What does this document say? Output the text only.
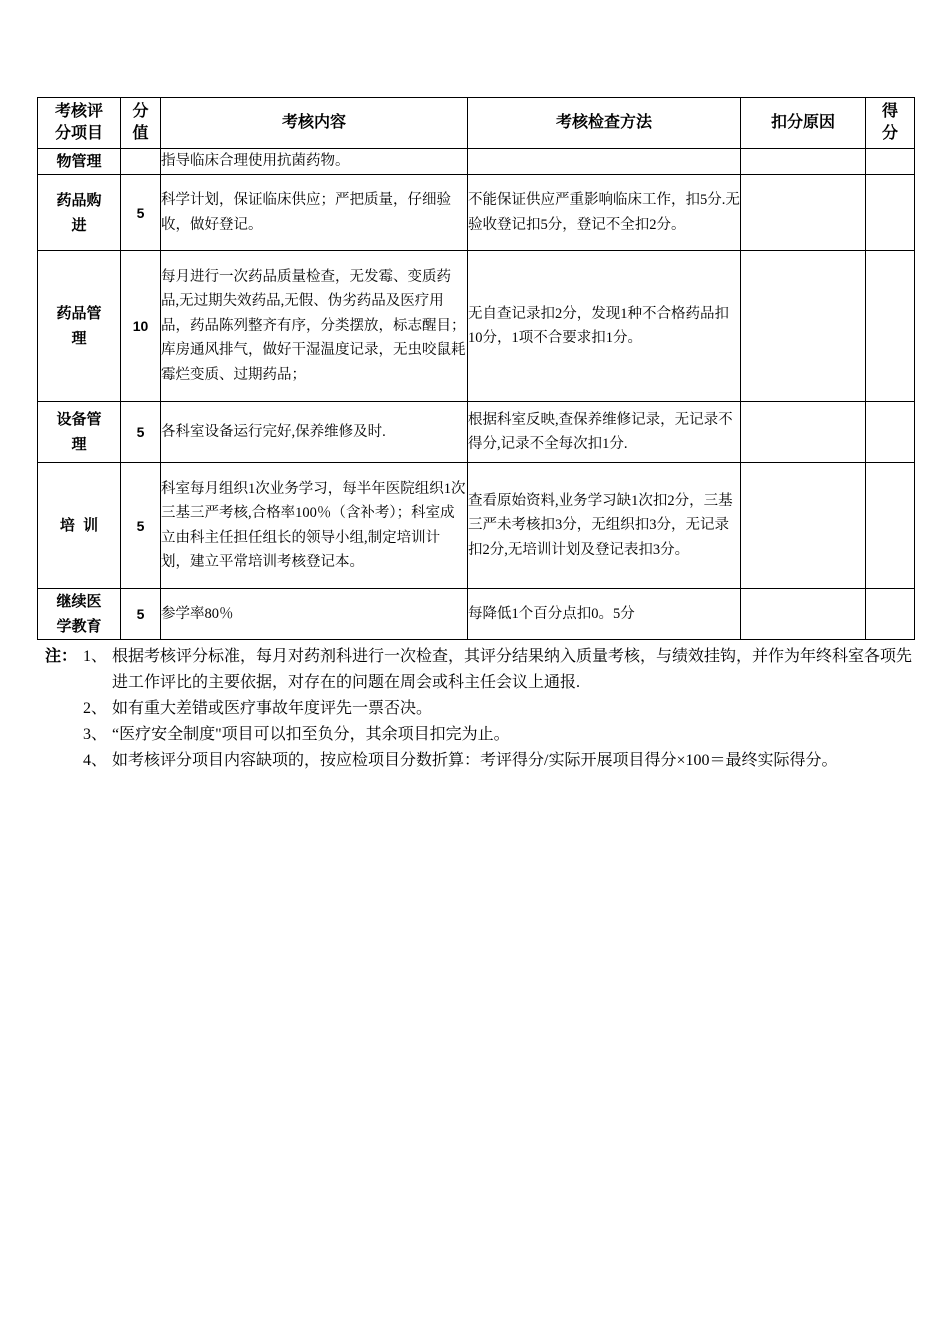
考核评分项目	分值	考核内容	考核检查方法	扣分原因	得分

物管理		指导临床合理使用抗菌药物。			

药品购进	5	科学计划，保证临床供应；严把质量，仔细验收，做好登记。	不能保证供应严重影响临床工作，扣5分.无验收登记扣5分，登记不全扣2分。		

药品管理	10	每月进行一次药品质量检查，无发霉、变质药品,无过期失效药品,无假、伪劣药品及医疗用品，药品陈列整齐有序，分类摆放，标志醒目；库房通风排气，做好干湿温度记录，无虫咬鼠耗霉烂变质、过期药品；	无自查记录扣2分，发现1种不合格药品扣10分，1项不合要求扣1分。		

设备管理	5	各科室设备运行完好,保养维修及时.	根据科室反映,查保养维修记录，无记录不得分,记录不全每次扣1分.		
培  训	5	科室每月组织1次业务学习，每半年医院组织1次三基三严考核,合格率100％（含补考）；科室成立由科主任担任组长的领导小组,制定培训计划，建立平常培训考核登记本。	查看原始资料,业务学习缺1次扣2分，三基三严未考核扣3分，无组织扣3分，无记录扣2分,无培训计划及登记表扣3分。		

继续医学教育	5	参学率80％	每降低1个百分点扣0。5分		
注： 1、 根据考核评分标准，每月对药剂科进行一次检查，其评分结果纳入质量考核，与绩效挂钩，并作为年终科室各项先进工作评比的主要依据，对存在的问题在周会或科主任会议上通报.
2、 如有重大差错或医疗事故年度评先一票否决。
3、 “医疗安全制度"项目可以扣至负分，其余项目扣完为止。
4、 如考核评分项目内容缺项的，按应检项目分数折算：考评得分/实际开展项目得分×100＝最终实际得分。
